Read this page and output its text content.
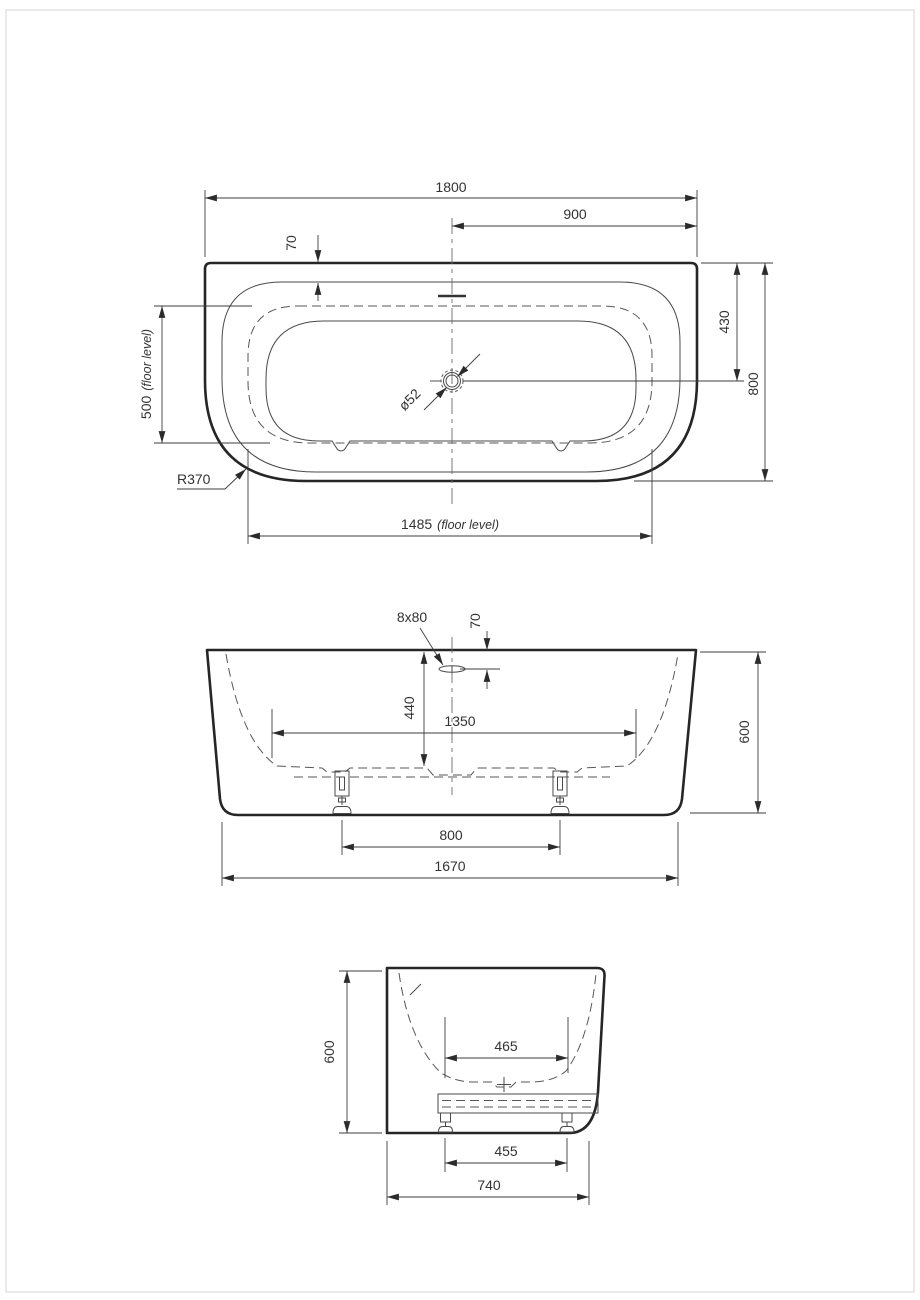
1800
900
70
430
800
500(floor level)
1485 (floor level)
R370
ø52
8x80	70
440
1350	600
800
1670
600	465
455
740
